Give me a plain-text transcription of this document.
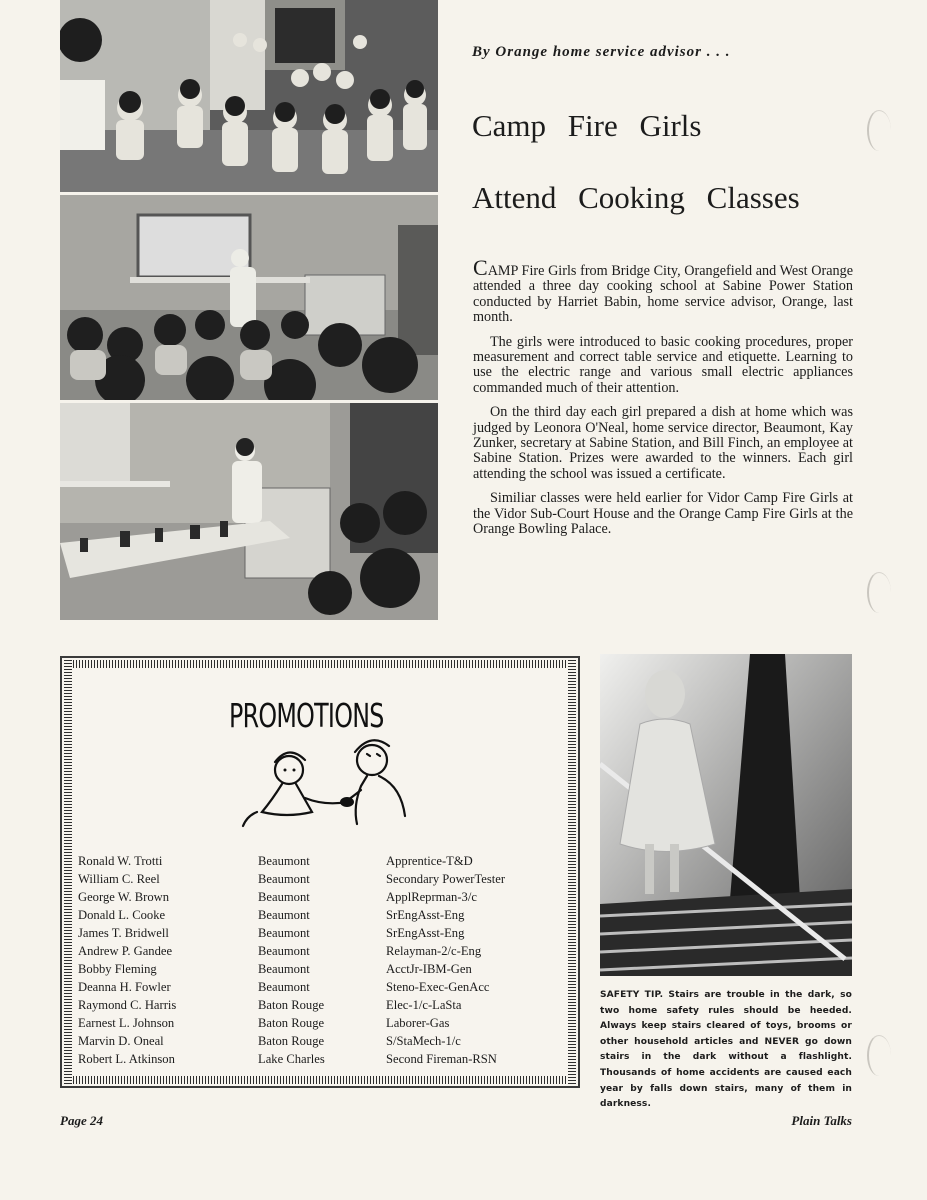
By Orange home service advisor . . .
Camp Fire Girls
Attend Cooking Classes

CAMP Fire Girls from Bridge City, Orangefield and West Orange attended a three day cooking school at Sabine Power Station conducted by Harriet Babin, home service advisor, Orange, last month.

The girls were introduced to basic cooking procedures, proper measurement and correct table service and etiquette. Learning to use the electric range and various small electric appliances commanded much of their attention.

On the third day each girl prepared a dish at home which was judged by Leonora O'Neal, home service director, Beaumont, Kay Zunker, secretary at Sabine Station, and Bill Finch, an employee at Sabine Station. Prizes were awarded to the winners. Each girl attending the school was issued a certificate.

Similiar classes were held earlier for Vidor Camp Fire Girls at the Vidor Sub-Court House and the Orange Camp Fire Girls at the Orange Bowling Palace.

PROMOTIONS
Ronald W. Trotti	Beaumont	Apprentice-T&D
William C. Reel	Beaumont	Secondary PowerTester
George W. Brown	Beaumont	ApplReprman-3/c
Donald L. Cooke	Beaumont	SrEngAsst-Eng
James T. Bridwell	Beaumont	SrEngAsst-Eng
Andrew P. Gandee	Beaumont	Relayman-2/c-Eng
Bobby Fleming	Beaumont	AcctJr-IBM-Gen
Deanna H. Fowler	Beaumont	Steno-Exec-GenAcc
Raymond C. Harris	Baton Rouge	Elec-1/c-LaSta
Earnest L. Johnson	Baton Rouge	Laborer-Gas
Marvin D. Oneal	Baton Rouge	S/StaMech-1/c
Robert L. Atkinson	Lake Charles	Second Fireman-RSN
SAFETY TIP. Stairs are trouble in the dark, so two home safety rules should be heeded. Always keep stairs cleared of toys, brooms or other household articles and NEVER go down stairs in the dark without a flashlight. Thousands of home accidents are caused each year by falls down stairs, many of them in darkness.
Page 24	Plain Talks
